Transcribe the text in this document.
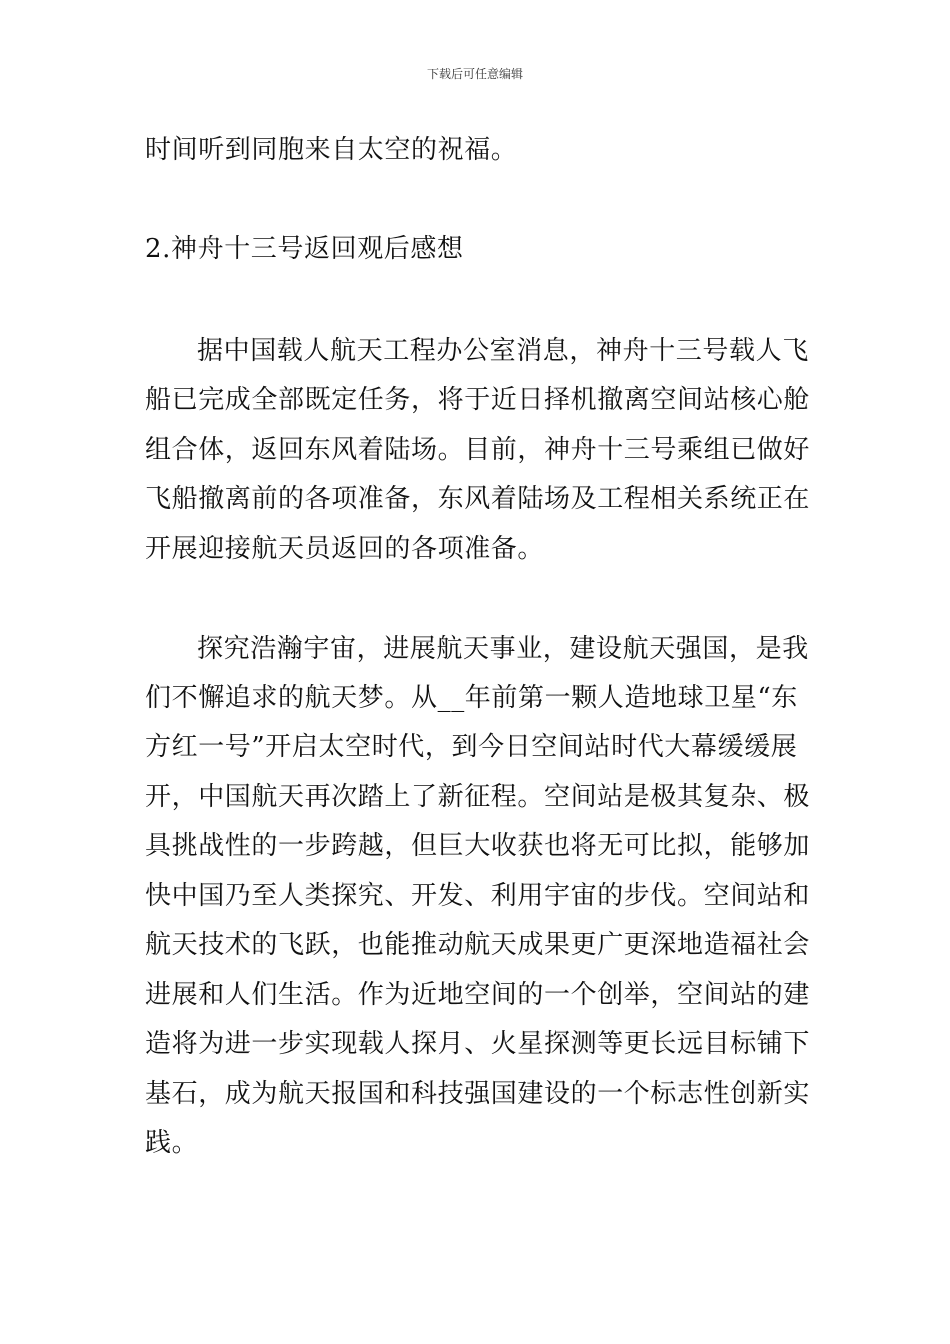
下载后可任意编辑
时间听到同胞来自太空的祝福。
2.神舟十三号返回观后感想
据中国载人航天工程办公室消息，神舟十三号载人飞
船已完成全部既定任务，将于近日择机撤离空间站核心舱
组合体，返回东风着陆场。目前，神舟十三号乘组已做好
飞船撤离前的各项准备，东风着陆场及工程相关系统正在
开展迎接航天员返回的各项准备。
探究浩瀚宇宙，进展航天事业，建设航天强国，是我
们不懈追求的航天梦。从__年前第一颗人造地球卫星“东
方红一号”开启太空时代，到今日空间站时代大幕缓缓展
开，中国航天再次踏上了新征程。空间站是极其复杂、极
具挑战性的一步跨越，但巨大收获也将无可比拟，能够加
快中国乃至人类探究、开发、利用宇宙的步伐。空间站和
航天技术的飞跃，也能推动航天成果更广更深地造福社会
进展和人们生活。作为近地空间的一个创举，空间站的建
造将为进一步实现载人探月、火星探测等更长远目标铺下
基石，成为航天报国和科技强国建设的一个标志性创新实
践。
